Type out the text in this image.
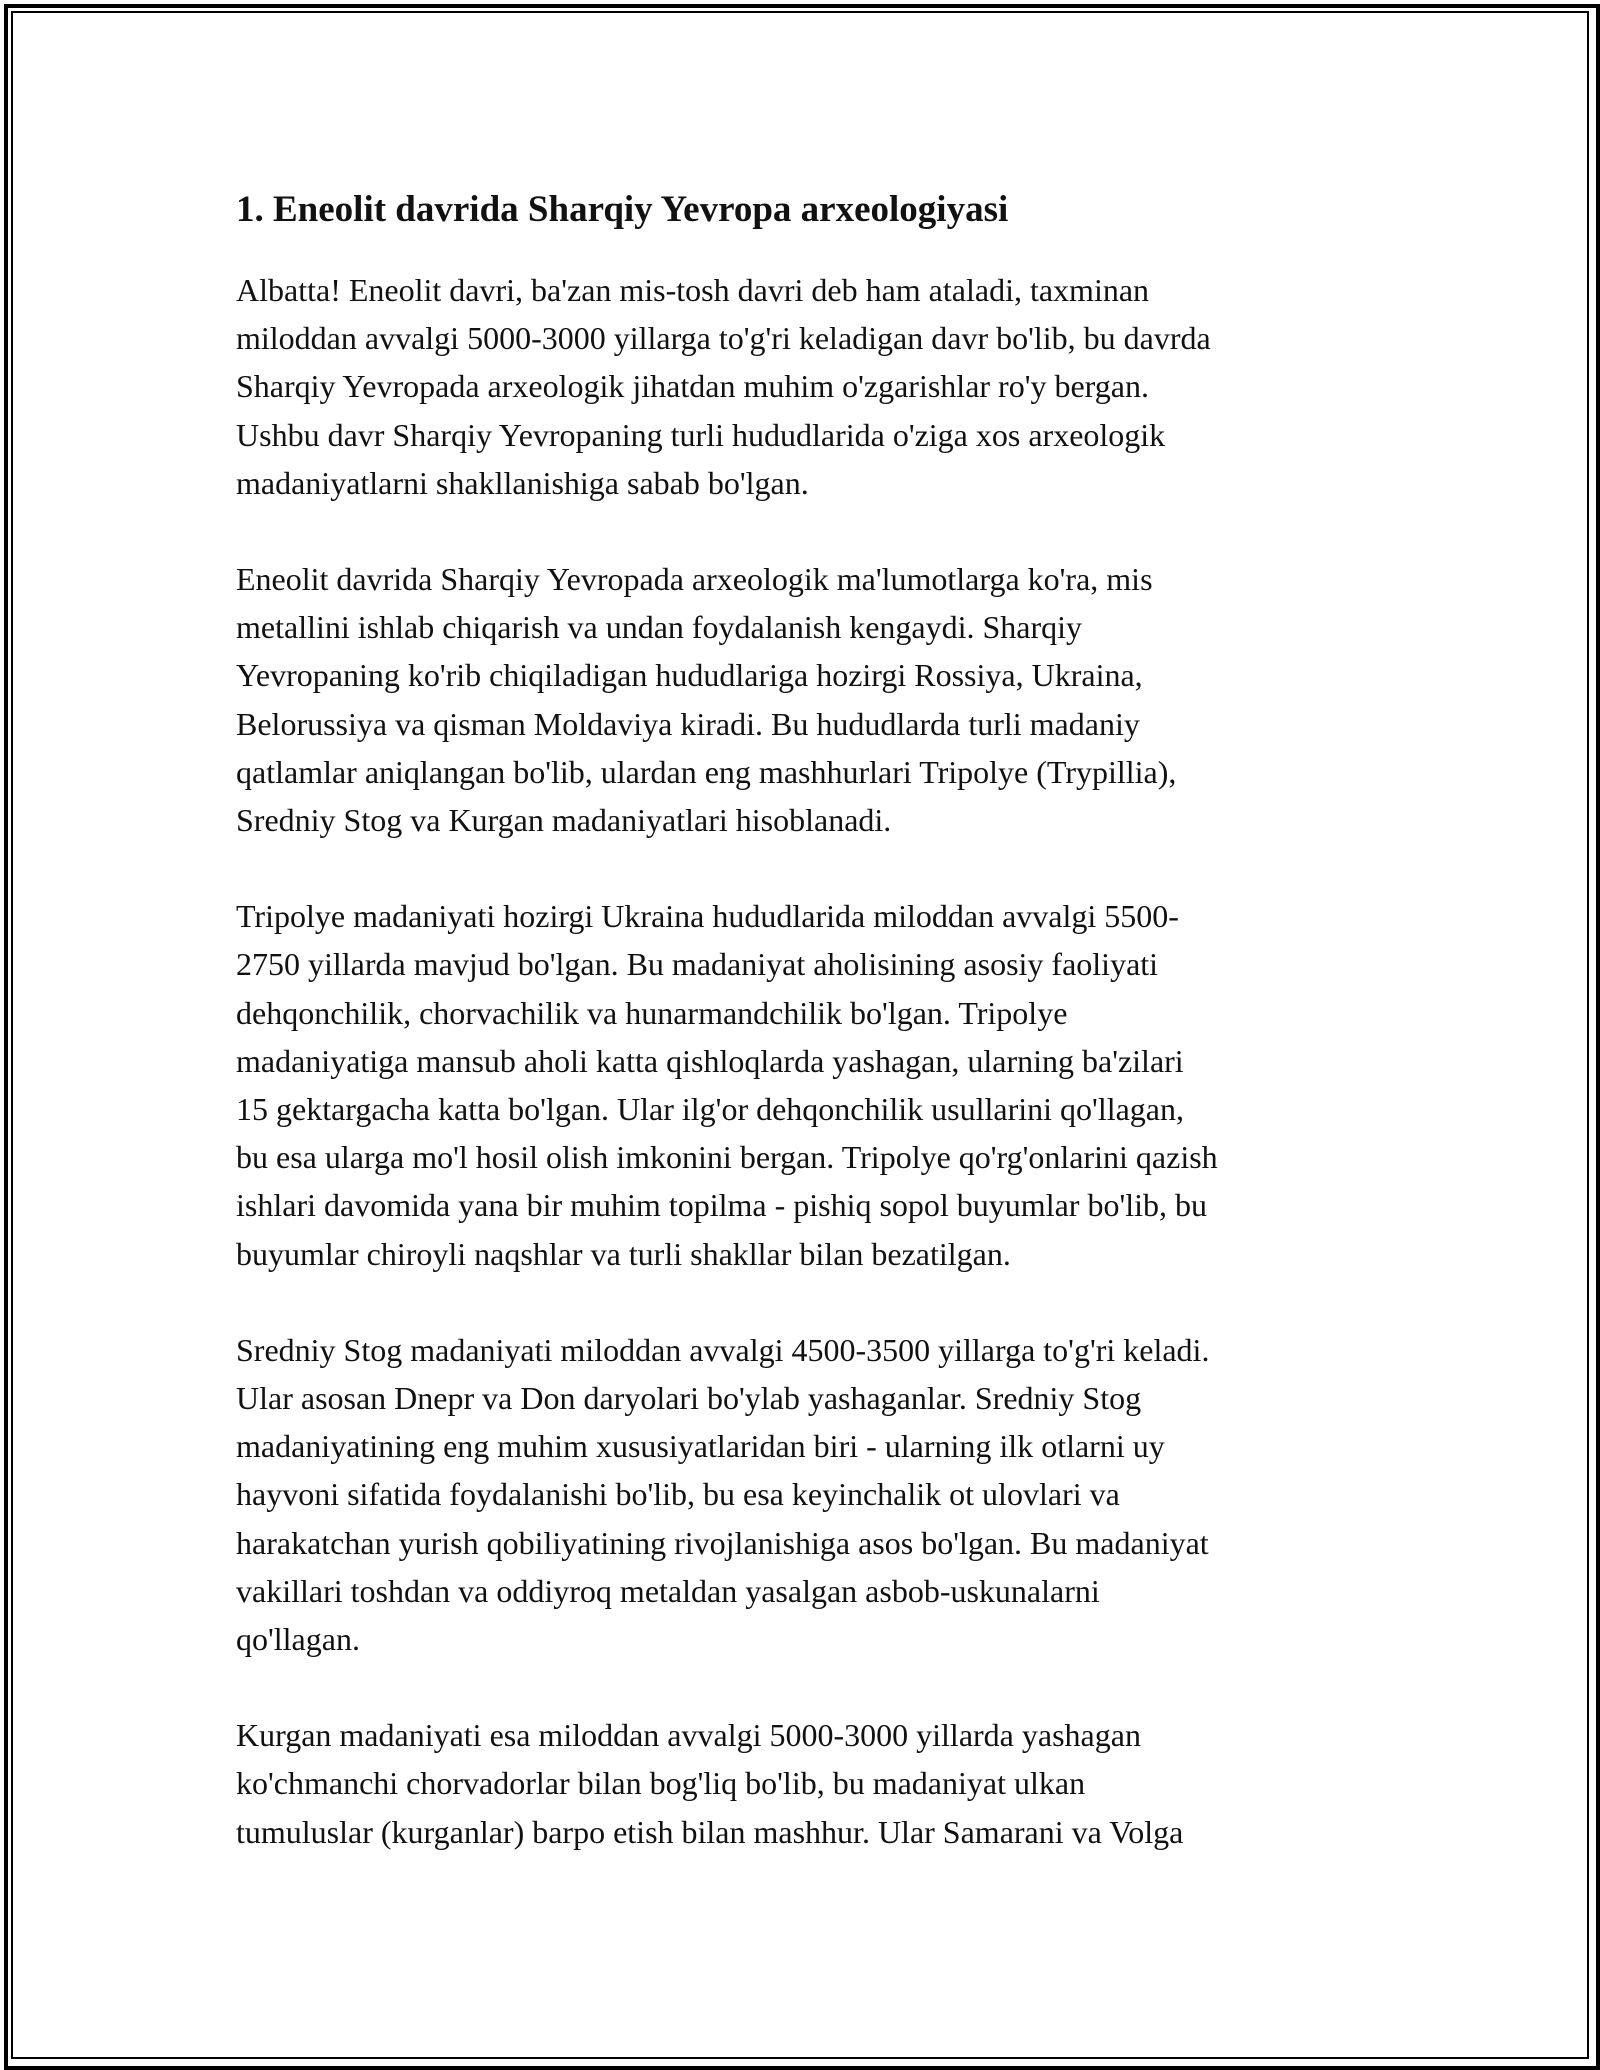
1. Eneolit davrida Sharqiy Yevropa arxeologiyasi

Albatta! Eneolit davri, ba'zan mis-tosh davri deb ham ataladi, taxminan
miloddan avvalgi 5000-3000 yillarga to'g'ri keladigan davr bo'lib, bu davrda
Sharqiy Yevropada arxeologik jihatdan muhim o'zgarishlar ro'y bergan.
Ushbu davr Sharqiy Yevropaning turli hududlarida o'ziga xos arxeologik
madaniyatlarni shakllanishiga sabab bo'lgan.

Eneolit davrida Sharqiy Yevropada arxeologik ma'lumotlarga ko'ra, mis
metallini ishlab chiqarish va undan foydalanish kengaydi. Sharqiy
Yevropaning ko'rib chiqiladigan hududlariga hozirgi Rossiya, Ukraina,
Belorussiya va qisman Moldaviya kiradi. Bu hududlarda turli madaniy
qatlamlar aniqlangan bo'lib, ulardan eng mashhurlari Tripolye (Trypillia),
Sredniy Stog va Kurgan madaniyatlari hisoblanadi.

Tripolye madaniyati hozirgi Ukraina hududlarida miloddan avvalgi 5500-
2750 yillarda mavjud bo'lgan. Bu madaniyat aholisining asosiy faoliyati
dehqonchilik, chorvachilik va hunarmandchilik bo'lgan. Tripolye
madaniyatiga mansub aholi katta qishloqlarda yashagan, ularning ba'zilari
15 gektargacha katta bo'lgan. Ular ilg'or dehqonchilik usullarini qo'llagan,
bu esa ularga mo'l hosil olish imkonini bergan. Tripolye qo'rg'onlarini qazish
ishlari davomida yana bir muhim topilma - pishiq sopol buyumlar bo'lib, bu
buyumlar chiroyli naqshlar va turli shakllar bilan bezatilgan.

Sredniy Stog madaniyati miloddan avvalgi 4500-3500 yillarga to'g'ri keladi.
Ular asosan Dnepr va Don daryolari bo'ylab yashaganlar. Sredniy Stog
madaniyatining eng muhim xususiyatlaridan biri - ularning ilk otlarni uy
hayvoni sifatida foydalanishi bo'lib, bu esa keyinchalik ot ulovlari va
harakatchan yurish qobiliyatining rivojlanishiga asos bo'lgan. Bu madaniyat
vakillari toshdan va oddiyroq metaldan yasalgan asbob-uskunalarni
qo'llagan.

Kurgan madaniyati esa miloddan avvalgi 5000-3000 yillarda yashagan
ko'chmanchi chorvadorlar bilan bog'liq bo'lib, bu madaniyat ulkan
tumuluslar (kurganlar) barpo etish bilan mashhur. Ular Samarani va Volga
